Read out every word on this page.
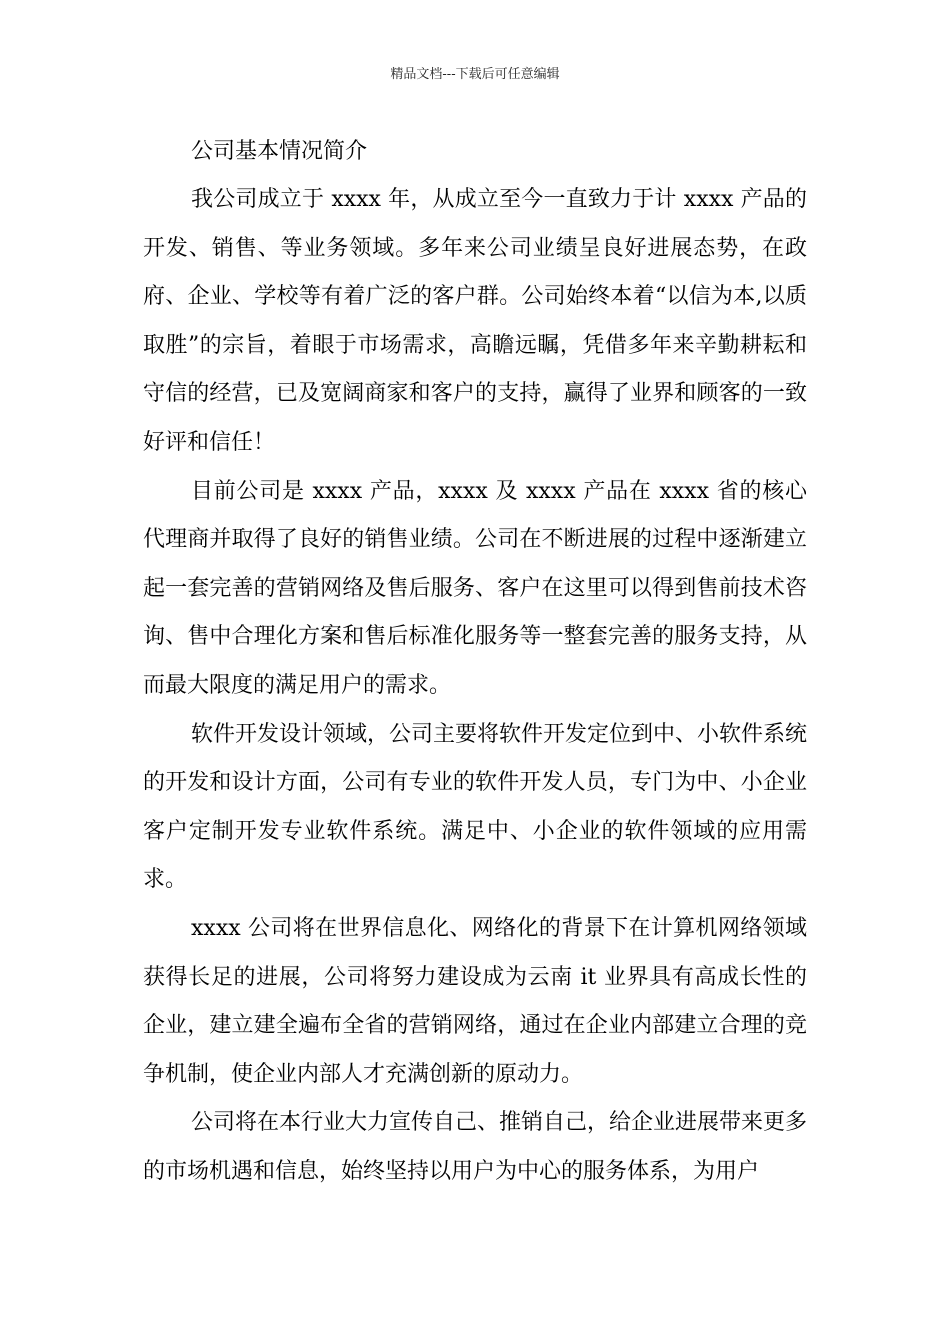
精品文档---下载后可任意编辑
公司基本情况简介

我公司成立于 xxxx 年，从成立至今一直致力于计 xxxx 产品的开发、销售、等业务领域。多年来公司业绩呈良好进展态势，在政府、企业、学校等有着广泛的客户群。公司始终本着“以信为本,以质取胜”的宗旨，着眼于市场需求，高瞻远瞩，凭借多年来辛勤耕耘和守信的经营，已及宽阔商家和客户的支持，赢得了业界和顾客的一致好评和信任！

目前公司是 xxxx 产品，xxxx 及 xxxx 产品在 xxxx 省的核心代理商并取得了良好的销售业绩。公司在不断进展的过程中逐渐建立起一套完善的营销网络及售后服务、客户在这里可以得到售前技术咨询、售中合理化方案和售后标准化服务等一整套完善的服务支持，从而最大限度的满足用户的需求。

软件开发设计领域，公司主要将软件开发定位到中、小软件系统的开发和设计方面，公司有专业的软件开发人员，专门为中、小企业客户定制开发专业软件系统。满足中、小企业的软件领域的应用需求。

xxxx 公司将在世界信息化、网络化的背景下在计算机网络领域获得长足的进展，公司将努力建设成为云南 it 业界具有高成长性的企业，建立建全遍布全省的营销网络，通过在企业内部建立合理的竞争机制，使企业内部人才充满创新的原动力。

公司将在本行业大力宣传自己、推销自己，给企业进展带来更多的市场机遇和信息，始终坚持以用户为中心的服务体系，为用户
